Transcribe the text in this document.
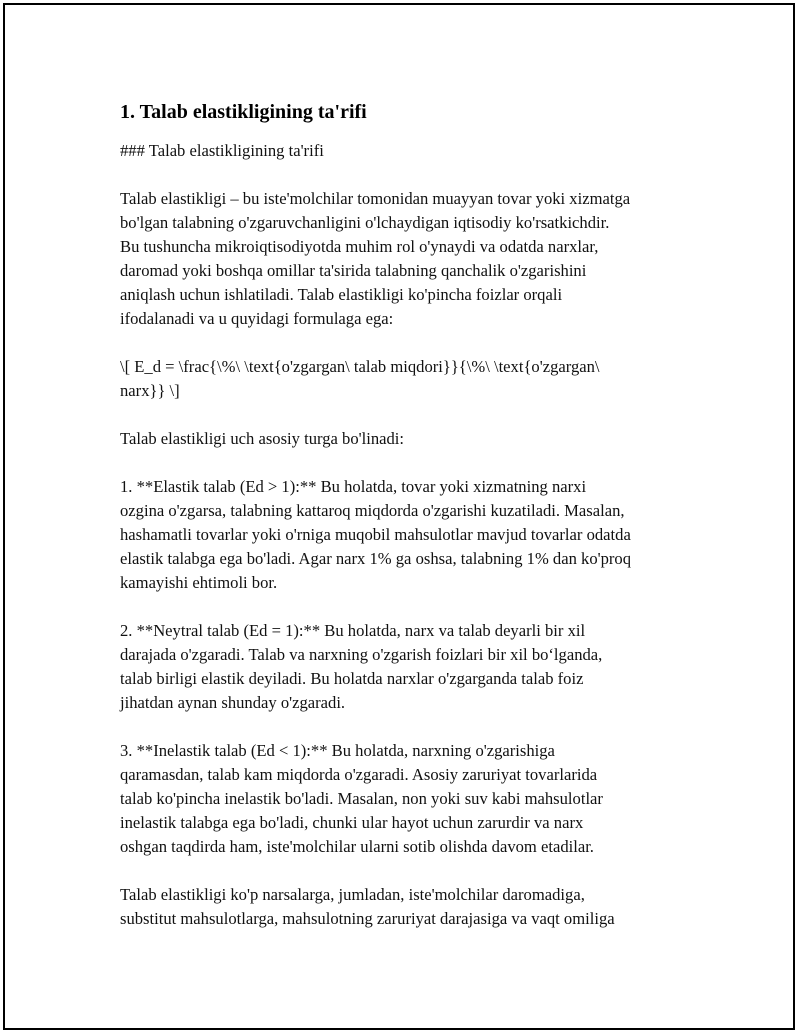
1. Talab elastikligining ta'rifi
### Talab elastikligining ta'rifi

Talab elastikligi – bu iste'molchilar tomonidan muayyan tovar yoki xizmatga
bo'lgan talabning o'zgaruvchanligini o'lchaydigan iqtisodiy ko'rsatkichdir.
Bu tushuncha mikroiqtisodiyotda muhim rol o'ynaydi va odatda narxlar,
daromad yoki boshqa omillar ta'sirida talabning qanchalik o'zgarishini
aniqlash uchun ishlatiladi. Talab elastikligi ko'pincha foizlar orqali
ifodalanadi va u quyidagi formulaga ega:

\[ E_d = \frac{\%\ \text{o'zgargan\ talab miqdori}}{\%\ \text{o'zgargan\
narx}} \]

Talab elastikligi uch asosiy turga bo'linadi:

1. **Elastik talab (Ed > 1):** Bu holatda, tovar yoki xizmatning narxi
ozgina o'zgarsa, talabning kattaroq miqdorda o'zgarishi kuzatiladi. Masalan,
hashamatli tovarlar yoki o'rniga muqobil mahsulotlar mavjud tovarlar odatda
elastik talabga ega bo'ladi. Agar narx 1% ga oshsa, talabning 1% dan ko'proq
kamayishi ehtimoli bor.

2. **Neytral talab (Ed = 1):** Bu holatda, narx va talab deyarli bir xil
darajada o'zgaradi. Talab va narxning o'zgarish foizlari bir xil bo‘lganda,
talab birligi elastik deyiladi. Bu holatda narxlar o'zgarganda talab foiz
jihatdan aynan shunday o'zgaradi.

3. **Inelastik talab (Ed < 1):** Bu holatda, narxning o'zgarishiga
qaramasdan, talab kam miqdorda o'zgaradi. Asosiy zaruriyat tovarlarida
talab ko'pincha inelastik bo'ladi. Masalan, non yoki suv kabi mahsulotlar
inelastik talabga ega bo'ladi, chunki ular hayot uchun zarurdir va narx
oshgan taqdirda ham, iste'molchilar ularni sotib olishda davom etadilar.

Talab elastikligi ko'p narsalarga, jumladan, iste'molchilar daromadiga,
substitut mahsulotlarga, mahsulotning zaruriyat darajasiga va vaqt omiliga
